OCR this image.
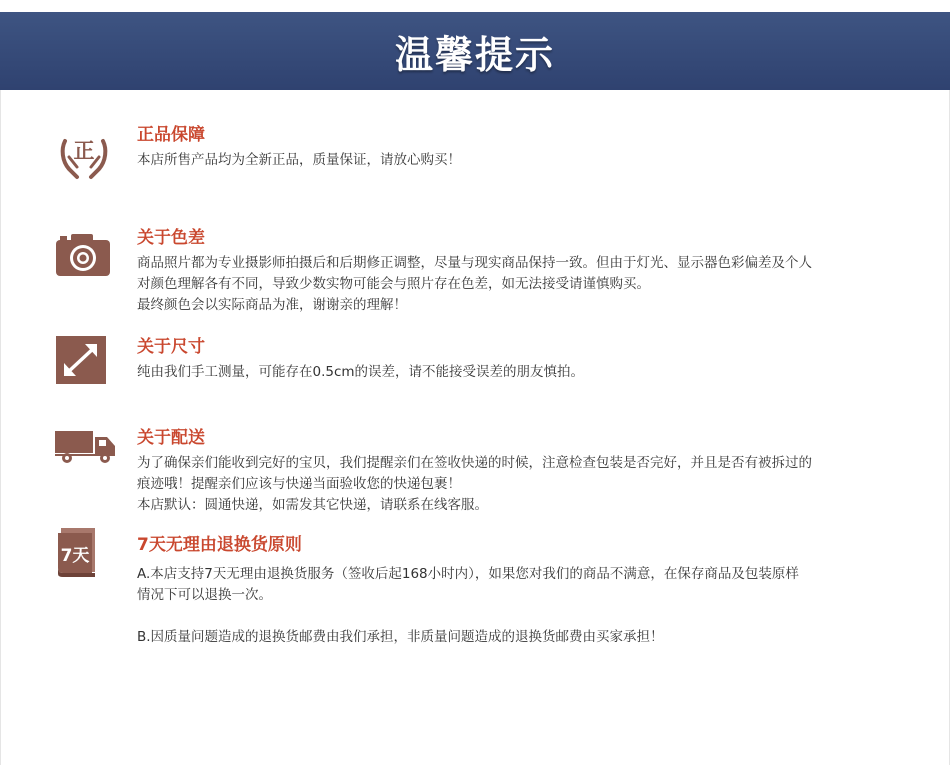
温馨提示
正
正品保障

本店所售产品均为全新正品，质量保证，请放心购买！

关于色差

商品照片都为专业摄影师拍摄后和后期修正调整，尽量与现实商品保持一致。但由于灯光、显示器色彩偏差及个人

对颜色理解各有不同，导致少数实物可能会与照片存在色差，如无法接受请谨慎购买。

最终颜色会以实际商品为准，谢谢亲的理解！

关于尺寸

纯由我们手工测量，可能存在0.5cm的误差，请不能接受误差的朋友慎拍。

关于配送

为了确保亲们能收到完好的宝贝，我们提醒亲们在签收快递的时候，注意检查包装是否完好，并且是否有被拆过的

痕迹哦！提醒亲们应该与快递当面验收您的快递包裹！

本店默认：圆通快递，如需发其它快递，请联系在线客服。

7天
7天无理由退换货原则

A.本店支持7天无理由退换货服务（签收后起168小时内），如果您对我们的商品不满意，在保存商品及包装原样

情况下可以退换一次。

B.因质量问题造成的退换货邮费由我们承担，非质量问题造成的退换货邮费由买家承担！
